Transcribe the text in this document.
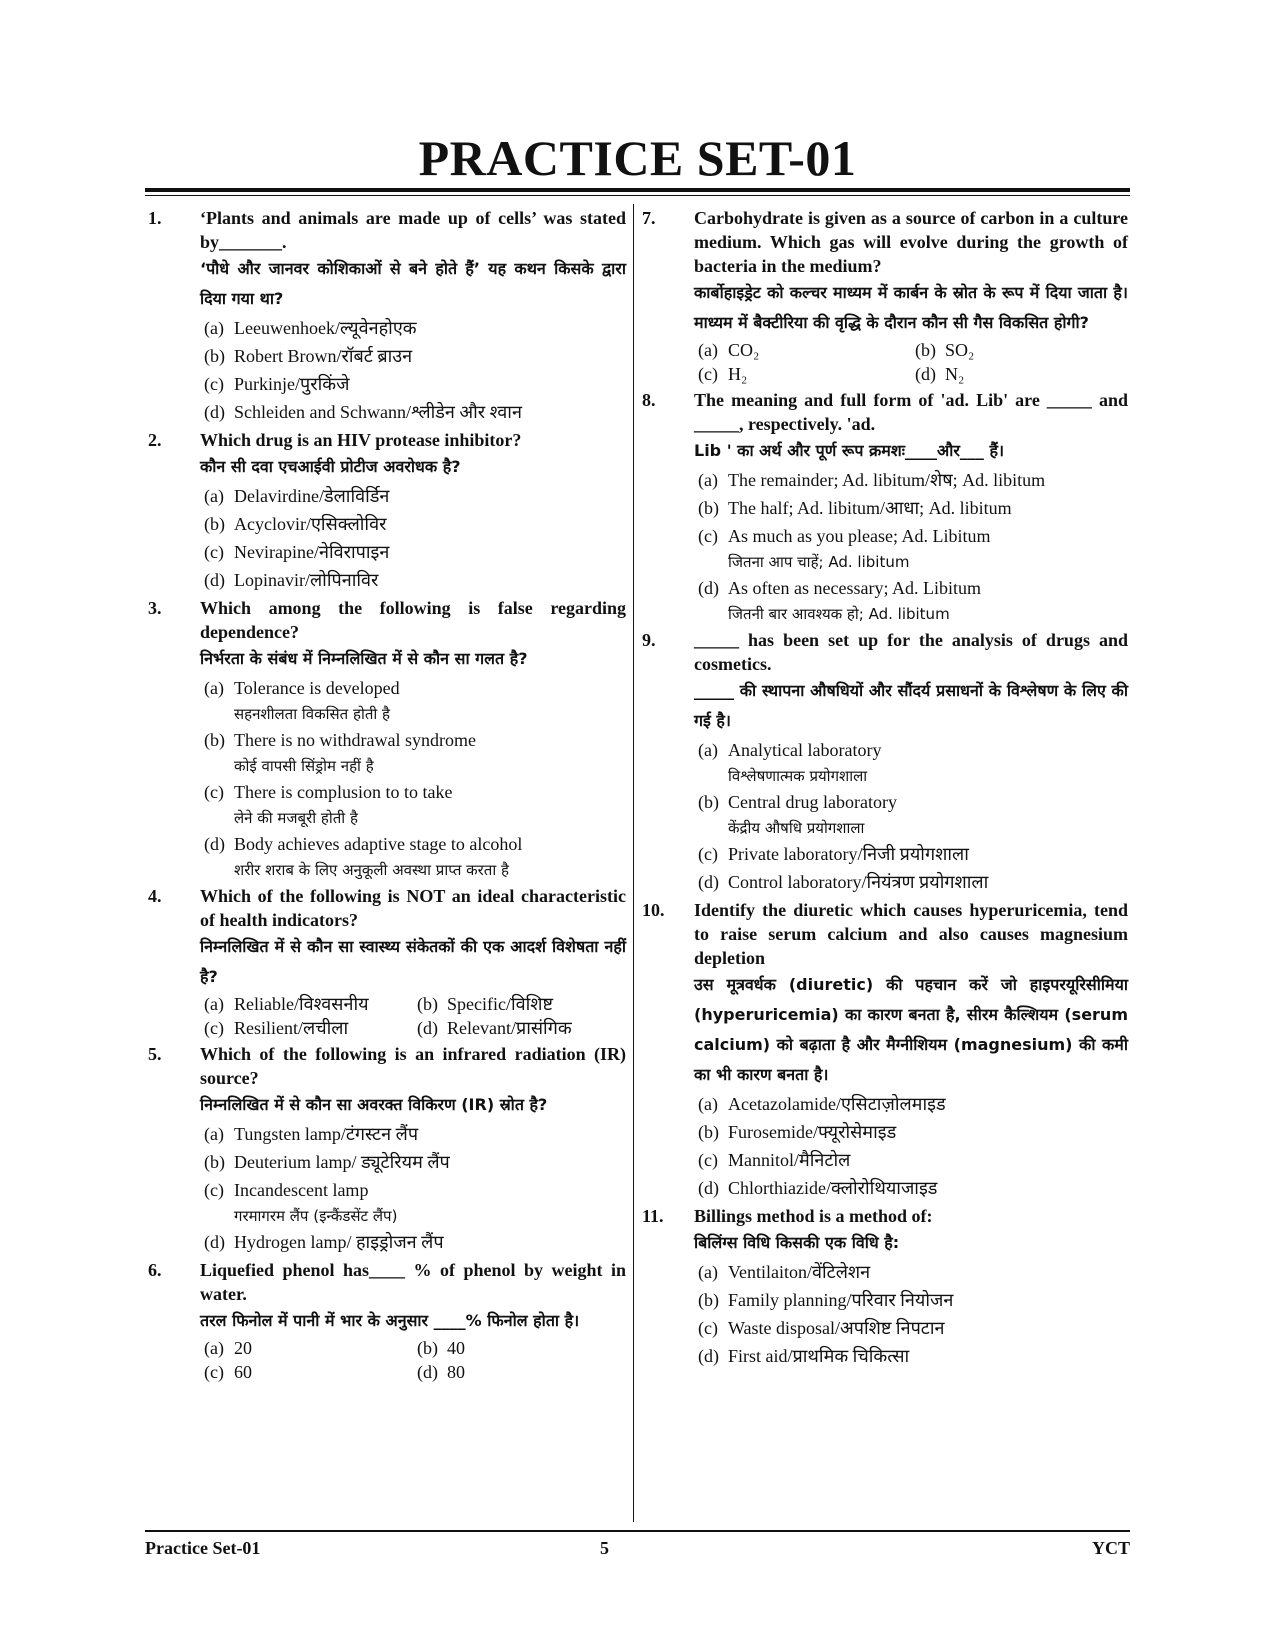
PRACTICE SET-01
1. ‘Plants and animals are made up of cells’ was stated by_______.
‘पौधे और जानवर कोशिकाओं से बने होते हैं’ यह कथन किसके द्वारा दिया गया था?
(a) Leeuwenhoek/ल्यूवेनहोएक
(b) Robert Brown/रॉबर्ट ब्राउन
(c) Purkinje/पुरकिंजे
(d) Schleiden and Schwann/श्लीडेन और श्वान
2. Which drug is an HIV protease inhibitor?
कौन सी दवा एचआईवी प्रोटीज अवरोधक है?
(a) Delavirdine/डेलाविर्डिन
(b) Acyclovir/एसिक्लोविर
(c) Nevirapine/नेविरापाइन
(d) Lopinavir/लोपिनाविर
3. Which among the following is false regarding dependence?
निर्भरता के संबंध में निम्नलिखित में से कौन सा गलत है?
(a) Tolerance is developed
सहनशीलता विकसित होती है
(b) There is no withdrawal syndrome
कोई वापसी सिंड्रोम नहीं है
(c) There is complusion to to take
लेने की मजबूरी होती है
(d) Body achieves adaptive stage to alcohol
शरीर शराब के लिए अनुकूली अवस्था प्राप्त करता है
4. Which of the following is NOT an ideal characteristic of health indicators?
निम्नलिखित में से कौन सा स्वास्थ्य संकेतकों की एक आदर्श विशेषता नहीं है?
(a) Reliable/विश्वसनीय	(b) Specific/विशिष्ट
(c) Resilient/लचीला	(d) Relevant/प्रासंगिक
5. Which of the following is an infrared radiation (IR) source?
निम्नलिखित में से कौन सा अवरक्त विकिरण (IR) स्रोत है?
(a) Tungsten lamp/टंगस्टन लैंप
(b) Deuterium lamp/ ड्यूटेरियम लैंप
(c) Incandescent lamp
गरमागरम लैंप (इन्कैंडसेंट लैंप)
(d) Hydrogen lamp/ हाइड्रोजन लैंप
6. Liquefied phenol has____ % of phenol by weight in water.
तरल फिनोल में पानी में भार के अनुसार ____% फिनोल होता है।
(a) 20	(b) 40
(c) 60	(d) 80
7. Carbohydrate is given as a source of carbon in a culture medium. Which gas will evolve during the growth of bacteria in the medium?
कार्बोहाइड्रेट को कल्चर माध्यम में कार्बन के स्रोत के रूप में दिया जाता है। माध्यम में बैक्टीरिया की वृद्धि के दौरान कौन सी गैस विकसित होगी?
(a) CO₂	(b) SO₂
(c) H₂	(d) N₂
8. The meaning and full form of 'ad. Lib' are _____ and _____, respectively. 'ad.
Lib ' का अर्थ और पूर्ण रूप क्रमशः____और___ हैं।
(a) The remainder; Ad. libitum/शेष; Ad. libitum
(b) The half; Ad. libitum/आधा; Ad. libitum
(c) As much as you please; Ad. Libitum
जितना आप चाहें; Ad. libitum
(d) As often as necessary; Ad. Libitum
जितनी बार आवश्यक हो; Ad. libitum
9. _____ has been set up for the analysis of drugs and cosmetics.
_____ की स्थापना औषधियों और सौंदर्य प्रसाधनों के विश्लेषण के लिए की गई है।
(a) Analytical laboratory
विश्लेषणात्मक प्रयोगशाला
(b) Central drug laboratory
केंद्रीय औषधि प्रयोगशाला
(c) Private laboratory/निजी प्रयोगशाला
(d) Control laboratory/नियंत्रण प्रयोगशाला
10. Identify the diuretic which causes hyperuricemia, tend to raise serum calcium and also causes magnesium depletion
उस मूत्रवर्धक (diuretic) की पहचान करें जो हाइपरयूरिसीमिया (hyperuricemia) का कारण बनता है, सीरम कैल्शियम (serum calcium) को बढ़ाता है और मैग्नीशियम (magnesium) की कमी का भी कारण बनता है।
(a) Acetazolamide/एसिटाज़ोलमाइड
(b) Furosemide/फ्यूरोसेमाइड
(c) Mannitol/मैनिटोल
(d) Chlorthiazide/क्लोरोथियाजाइड
11. Billings method is a method of:
बिलिंग्स विधि किसकी एक विधि है:
(a) Ventilaiton/वेंटिलेशन
(b) Family planning/परिवार नियोजन
(c) Waste disposal/अपशिष्ट निपटान
(d) First aid/प्राथमिक चिकित्सा
Practice Set-01	5	YCT
